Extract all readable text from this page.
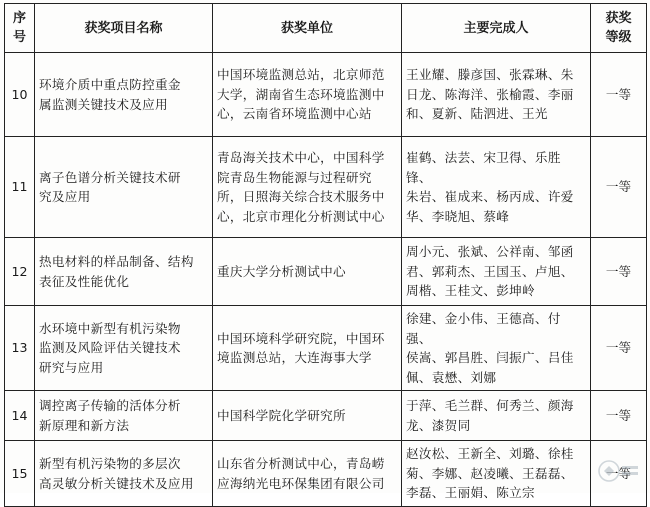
序
号	获奖项目名称	获奖单位	主要完成人	获奖
等级

10	环境介质中重点防控重金
属监测关键技术及应用	中国环境监测总站，北京师范
大学，湖南省生态环境监测中
心，云南省环境监测中心站	王业耀、滕彦国、张霖琳、朱
日龙、陈海洋、张榆霞、李丽
和、夏新、陆泗进、王光	一等
11	离子色谱分析关键技术研
究及应用	青岛海关技术中心，中国科学
院青岛生物能源与过程研究
所，日照海关综合技术服务中
心，北京市理化分析测试中心	崔鹤、法芸、宋卫得、乐胜锋、
朱岩、崔成来、杨丙成、许爱
华、李晓旭、蔡峰	一等
12	热电材料的样品制备、结构
表征及性能优化	重庆大学分析测试中心	周小元、张斌、公祥南、邹函
君、郭莉杰、王国玉、卢旭、
周楷、王桂文、彭坤岭	一等
13	水环境中新型有机污染物
监测及风险评估关键技术
研究与应用	中国环境科学研究院，中国环
境监测总站，大连海事大学	徐建、金小伟、王德高、付强、
侯嵩、郭昌胜、闫振广、吕佳
佩、袁懋、刘娜	一等
14	调控离子传输的活体分析
新原理和新方法	中国科学院化学研究所	于萍、毛兰群、何秀兰、颜海
龙、漆贺同	一等
15	新型有机污染物的多层次
高灵敏分析关键技术及应用	山东省分析测试中心，青岛崂
应海纳光电环保集团有限公司	赵汝松、王新全、刘璐、徐桂
菊、李娜、赵凌曦、王磊磊、
李磊、王丽娟、陈立宗	一等
